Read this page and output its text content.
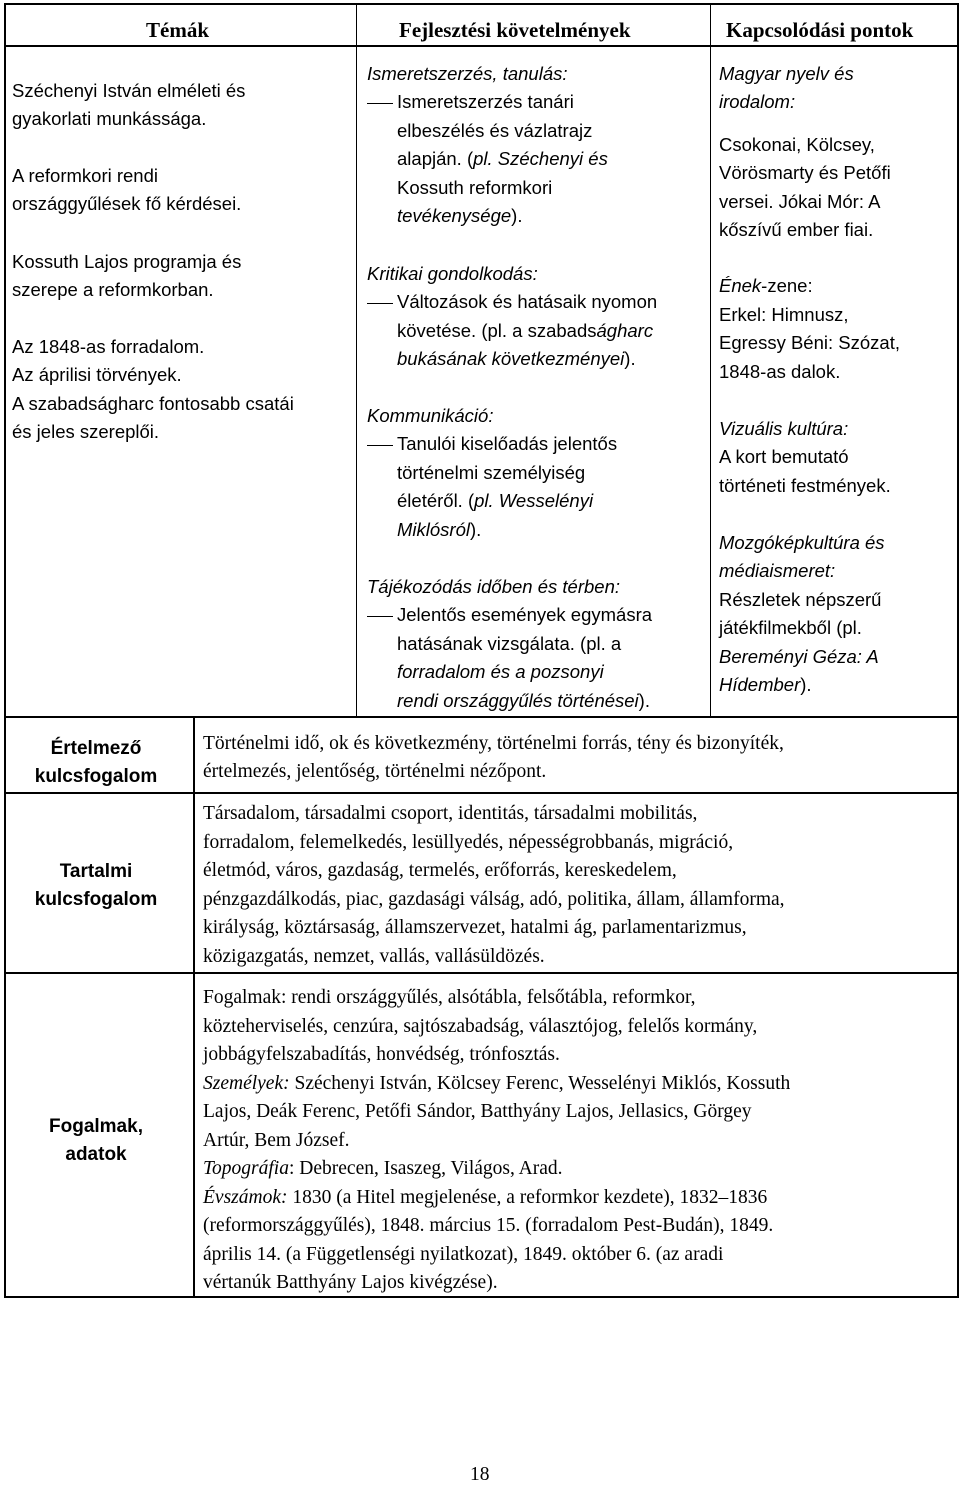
Témák	Fejlesztési követelmények	Kapcsolódási pontok
Széchenyi István elméleti és
gyakorlati munkássága.
A reformkori rendi
országgyűlések fő kérdései.
Kossuth Lajos programja és
szerepe a reformkorban.
Az 1848-as forradalom.
Az áprilisi törvények.
A szabadságharc fontosabb csatái
és jeles szereplői.
Ismeretszerzés, tanulás:
Ismeretszerzés tanári
elbeszélés és vázlatrajz
alapján. (pl. Széchenyi és
Kossuth reformkori
tevékenysége).
Kritikai gondolkodás:
Változások és hatásaik nyomon
követése. (pl. a szabadságharc
bukásának következményei).
Kommunikáció:
Tanulói kiselőadás jelentős
történelmi személyiség
életéről. (pl. Wesselényi
Miklósról).
Tájékozódás időben és térben:
Jelentős események egymásra
hatásának vizsgálata. (pl. a
forradalom és a pozsonyi
rendi országgyűlés történései).
Magyar nyelv és
irodalom:
Csokonai, Kölcsey,
Vörösmarty és Petőfi
versei. Jókai Mór: A
kőszívű ember fiai.
Ének-zene:
Erkel: Himnusz,
Egressy Béni: Szózat,
1848-as dalok.
Vizuális kultúra:
A kort bemutató
történeti festmények.
Mozgóképkultúra és
médiaismeret:
Részletek népszerű
játékfilmekből (pl.
Bereményi Géza: A
Hídember).
Értelmező
kulcsfogalom
Tartalmi
kulcsfogalom
Fogalmak,
adatok
Történelmi idő, ok és következmény, történelmi forrás, tény és bizonyíték,
értelmezés, jelentőség, történelmi nézőpont.
Társadalom, társadalmi csoport, identitás, társadalmi mobilitás,
forradalom, felemelkedés, lesüllyedés, népességrobbanás, migráció,
életmód, város, gazdaság, termelés, erőforrás, kereskedelem,
pénzgazdálkodás, piac, gazdasági válság, adó, politika, állam, államforma,
királyság, köztársaság, államszervezet, hatalmi ág, parlamentarizmus,
közigazgatás, nemzet, vallás, vallásüldözés.
Fogalmak: rendi országgyűlés, alsótábla, felsőtábla, reformkor,
közteherviselés, cenzúra, sajtószabadság, választójog, felelős kormány,
jobbágyfelszabadítás, honvédség, trónfosztás.
Személyek: Széchenyi István, Kölcsey Ferenc, Wesselényi Miklós, Kossuth
Lajos, Deák Ferenc, Petőfi Sándor, Batthyány Lajos, Jellasics, Görgey
Artúr, Bem József.
Topográfia: Debrecen, Isaszeg, Világos, Arad.
Évszámok: 1830 (a Hitel megjelenése, a reformkor kezdete), 1832–1836
(reformországgyűlés), 1848. március 15. (forradalom Pest-Budán), 1849.
április 14. (a Függetlenségi nyilatkozat), 1849. október 6. (az aradi
vértanúk Batthyány Lajos kivégzése).
18
